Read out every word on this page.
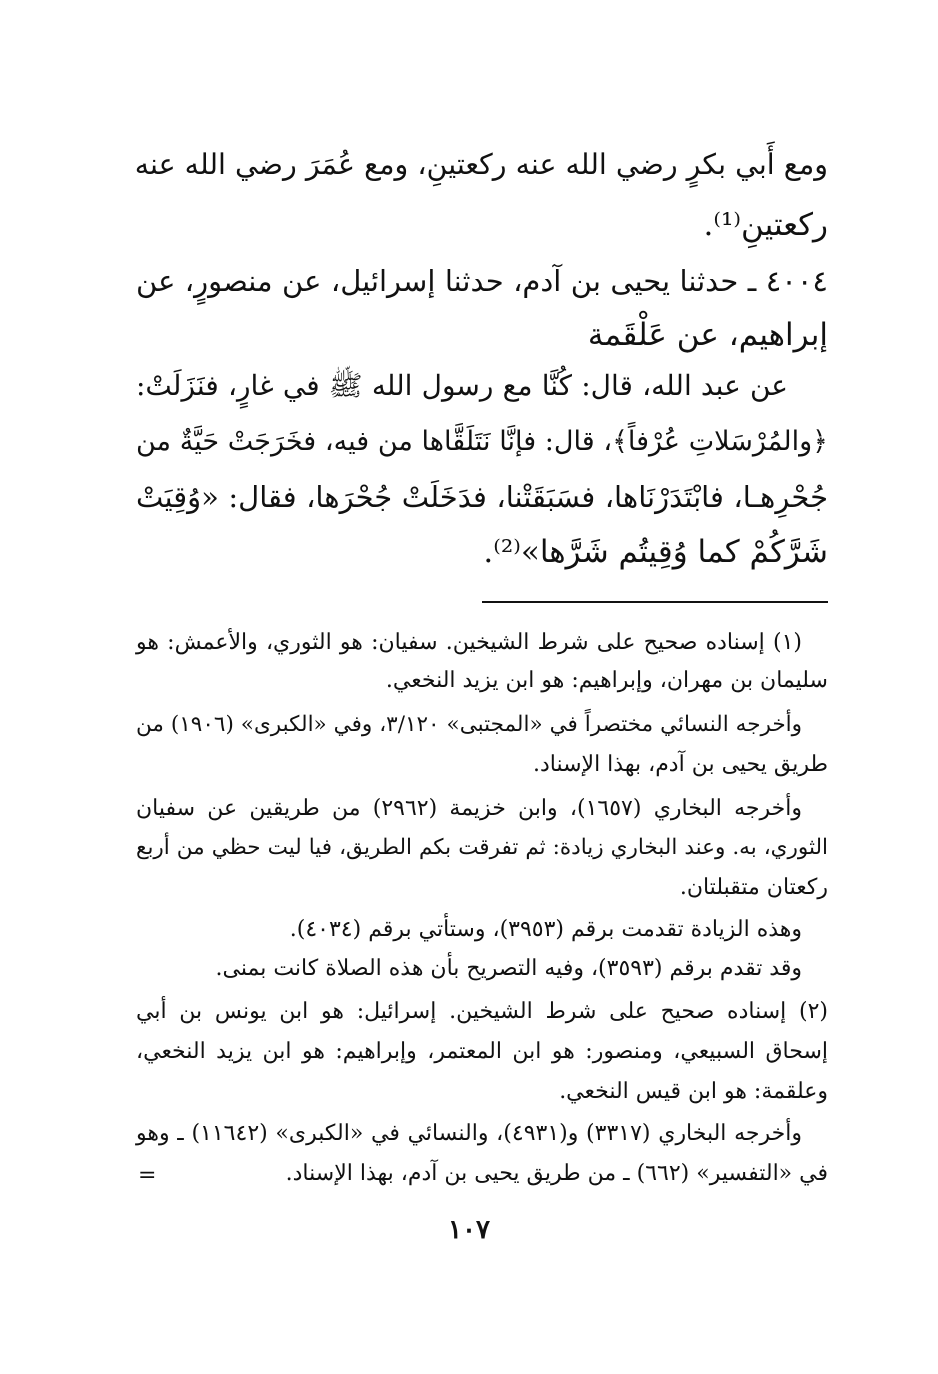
ومع أَبي بكرٍ رضي الله عنه ركعتينِ، ومع عُمَرَ رضي الله عنه

ركعتينِ⁽¹⁾.

٤٠٠٤ ـ حدثنا يحيى بن آدم، حدثنا إسرائيل، عن منصورٍ، عن

إبراهيم، عن عَلْقَمة

عن عبد الله، قال: كُنَّا مع رسول الله ﷺ في غارٍ، فنَزَلَتْ:

﴿والمُرْسَلاتِ عُرْفاً﴾، قال: فإنَّا نَتَلَقَّاها من فيه، فخَرَجَتْ حَيَّةٌ من

جُحْرِهـا، فابْتَدَرْنَاها، فسَبَقَتْنا، فدَخَلَتْ جُحْرَها، فقال: «وُقِيَتْ

شَرَّكُمْ كما وُقِيتُم شَرَّها»⁽²⁾.

(١) إسناده صحيح على شرط الشيخين. سفيان: هو الثوري، والأعمش: هو

سليمان بن مهران، وإبراهيم: هو ابن يزيد النخعي.

وأخرجه النسائي مختصراً في «المجتبى» ٣/١٢٠، وفي «الكبرى» (١٩٠٦) من

طريق يحيى بن آدم، بهذا الإسناد.

وأخرجه البخاري (١٦٥٧)، وابن خزيمة (٢٩٦٢) من طريقين عن سفيان

الثوري، به. وعند البخاري زيادة: ثم تفرقت بكم الطريق، فيا ليت حظي من أربع

ركعتان متقبلتان.

وهذه الزيادة تقدمت برقم (٣٩٥٣)، وستأتي برقم (٤٠٣٤).

وقد تقدم برقم (٣٥٩٣)، وفيه التصريح بأن هذه الصلاة كانت بمنى.

(٢) إسناده صحيح على شرط الشيخين. إسرائيل: هو ابن يونس بن أبي

إسحاق السبيعي، ومنصور: هو ابن المعتمر، وإبراهيم: هو ابن يزيد النخعي،

وعلقمة: هو ابن قيس النخعي.

وأخرجه البخاري (٣٣١٧) و(٤٩٣١)، والنسائي في «الكبرى» (١١٦٤٢) ـ وهو

في «التفسير» (٦٦٢) ـ من طريق يحيى بن آدم، بهذا الإسناد.

=
١٠٧
